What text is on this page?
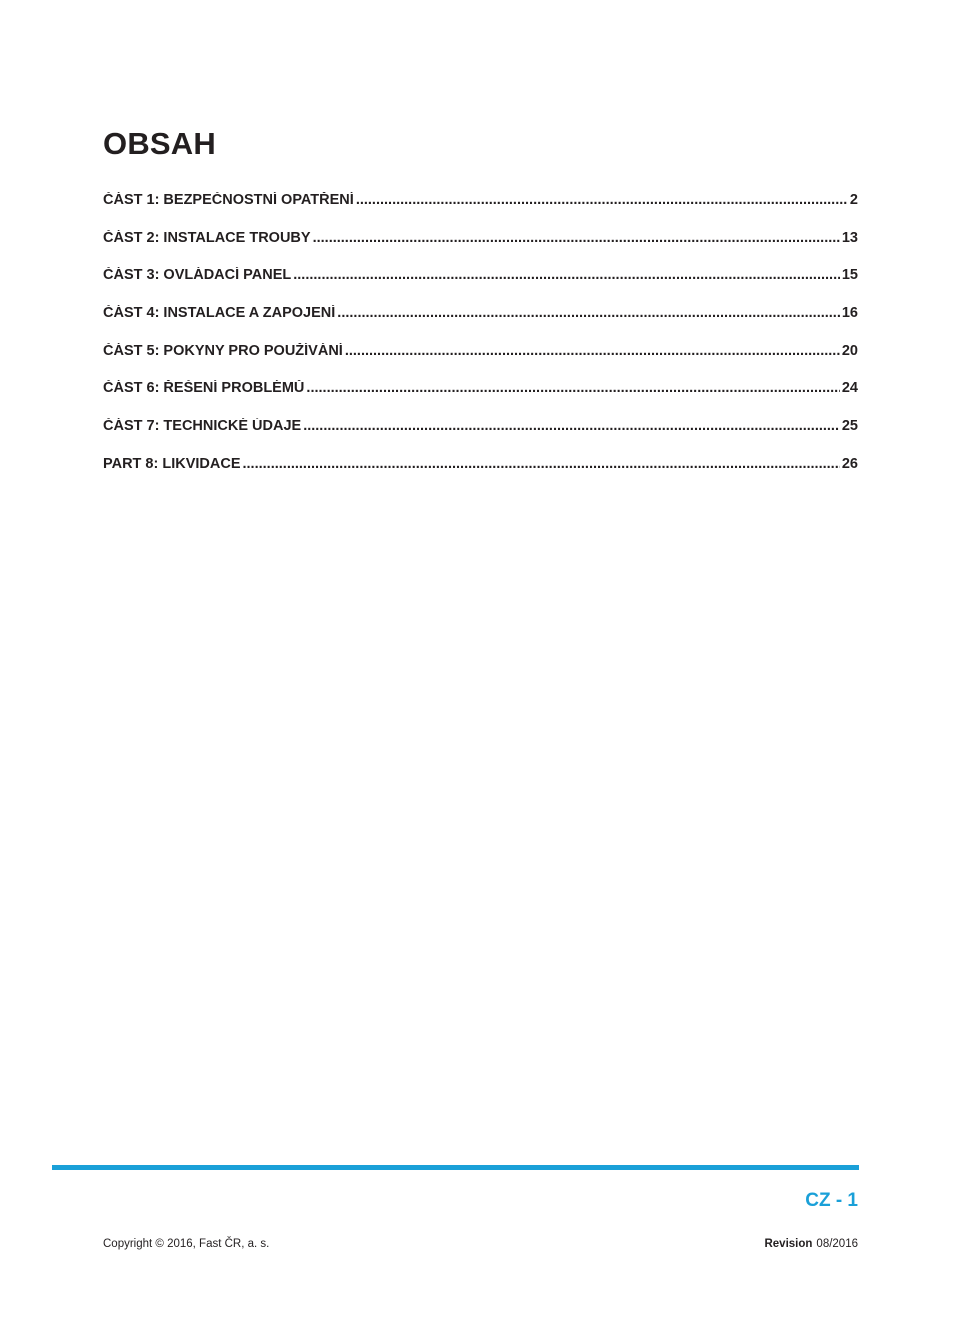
OBSAH
ČÁST 1: BEZPEČNOSTNÍ OPATŘENÍ .....	2
ČÁST 2: INSTALACE TROUBY .....	13
ČÁST 3: OVLÁDACÍ PANEL .....	15
ČÁST 4: INSTALACE A ZAPOJENÍ .....	16
ČÁST 5: POKYNY PRO POUŽÍVÁNÍ .....	20
ČÁST 6: ŘEŠENÍ PROBLÉMŮ .....	24
ČÁST 7: TECHNICKÉ ÚDAJE .....	25
PART 8: LIKVIDACE .....	26
CZ - 1
Copyright © 2016, Fast ČR, a. s.	Revision 08/2016
